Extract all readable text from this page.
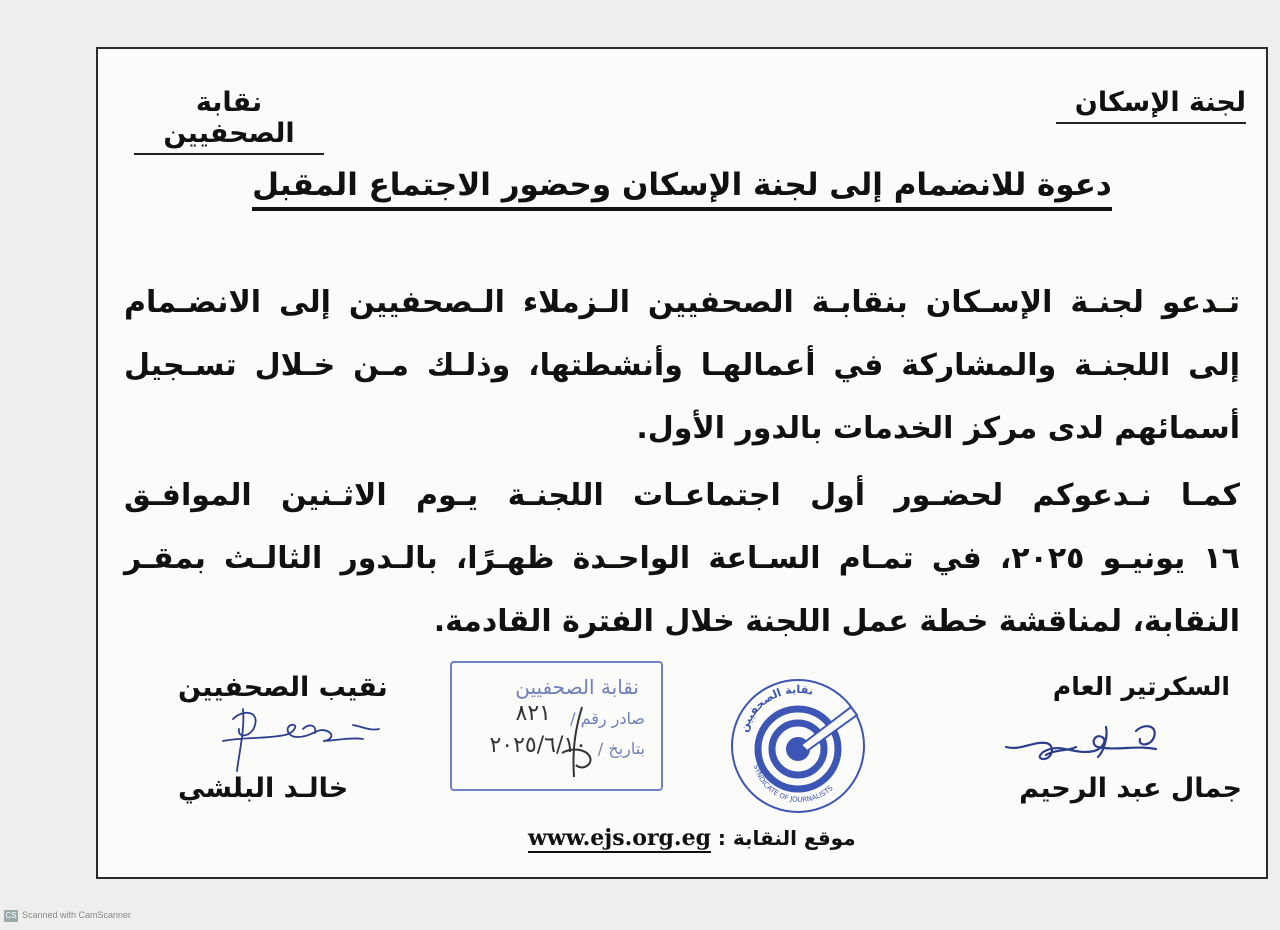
لجنة الإسكان
نقابة الصحفيين
دعوة للانضمام إلى لجنة الإسكان وحضور الاجتماع المقبل
تـدعو لجنـة الإسـكان بنقابـة الصحفيين الـزملاء الـصحفيين إلى الانضـمام
إلى اللجنـة والمشاركة في أعمالهـا وأنشطتها، وذلـك مـن خـلال تسـجيل
أسمائهم لدى مركز الخدمات بالدور الأول.
كمـا نـدعوكم لحضـور أول اجتماعـات اللجنـة يـوم الاثـنين الموافـق
١٦ يونيـو ٢٠٢٥، في تمـام السـاعة الواحـدة ظهـرًا، بالـدور الثالـث بمقـر
النقابة، لمناقشة خطة عمل اللجنة خلال الفترة القادمة.
السكرتير العام
جمال عبد الرحيم
نقيب الصحفيين
خالـد البلشي
نقابة الصحفيين
صادر رقم /
٨٢١
بتاريخ /
٢٠٢٥/٦/١٠
نقابة الصحفيين
SYNDICATE OF JOURNALISTS
موقع النقابة : www.ejs.org.eg
CS Scanned with CamScanner
